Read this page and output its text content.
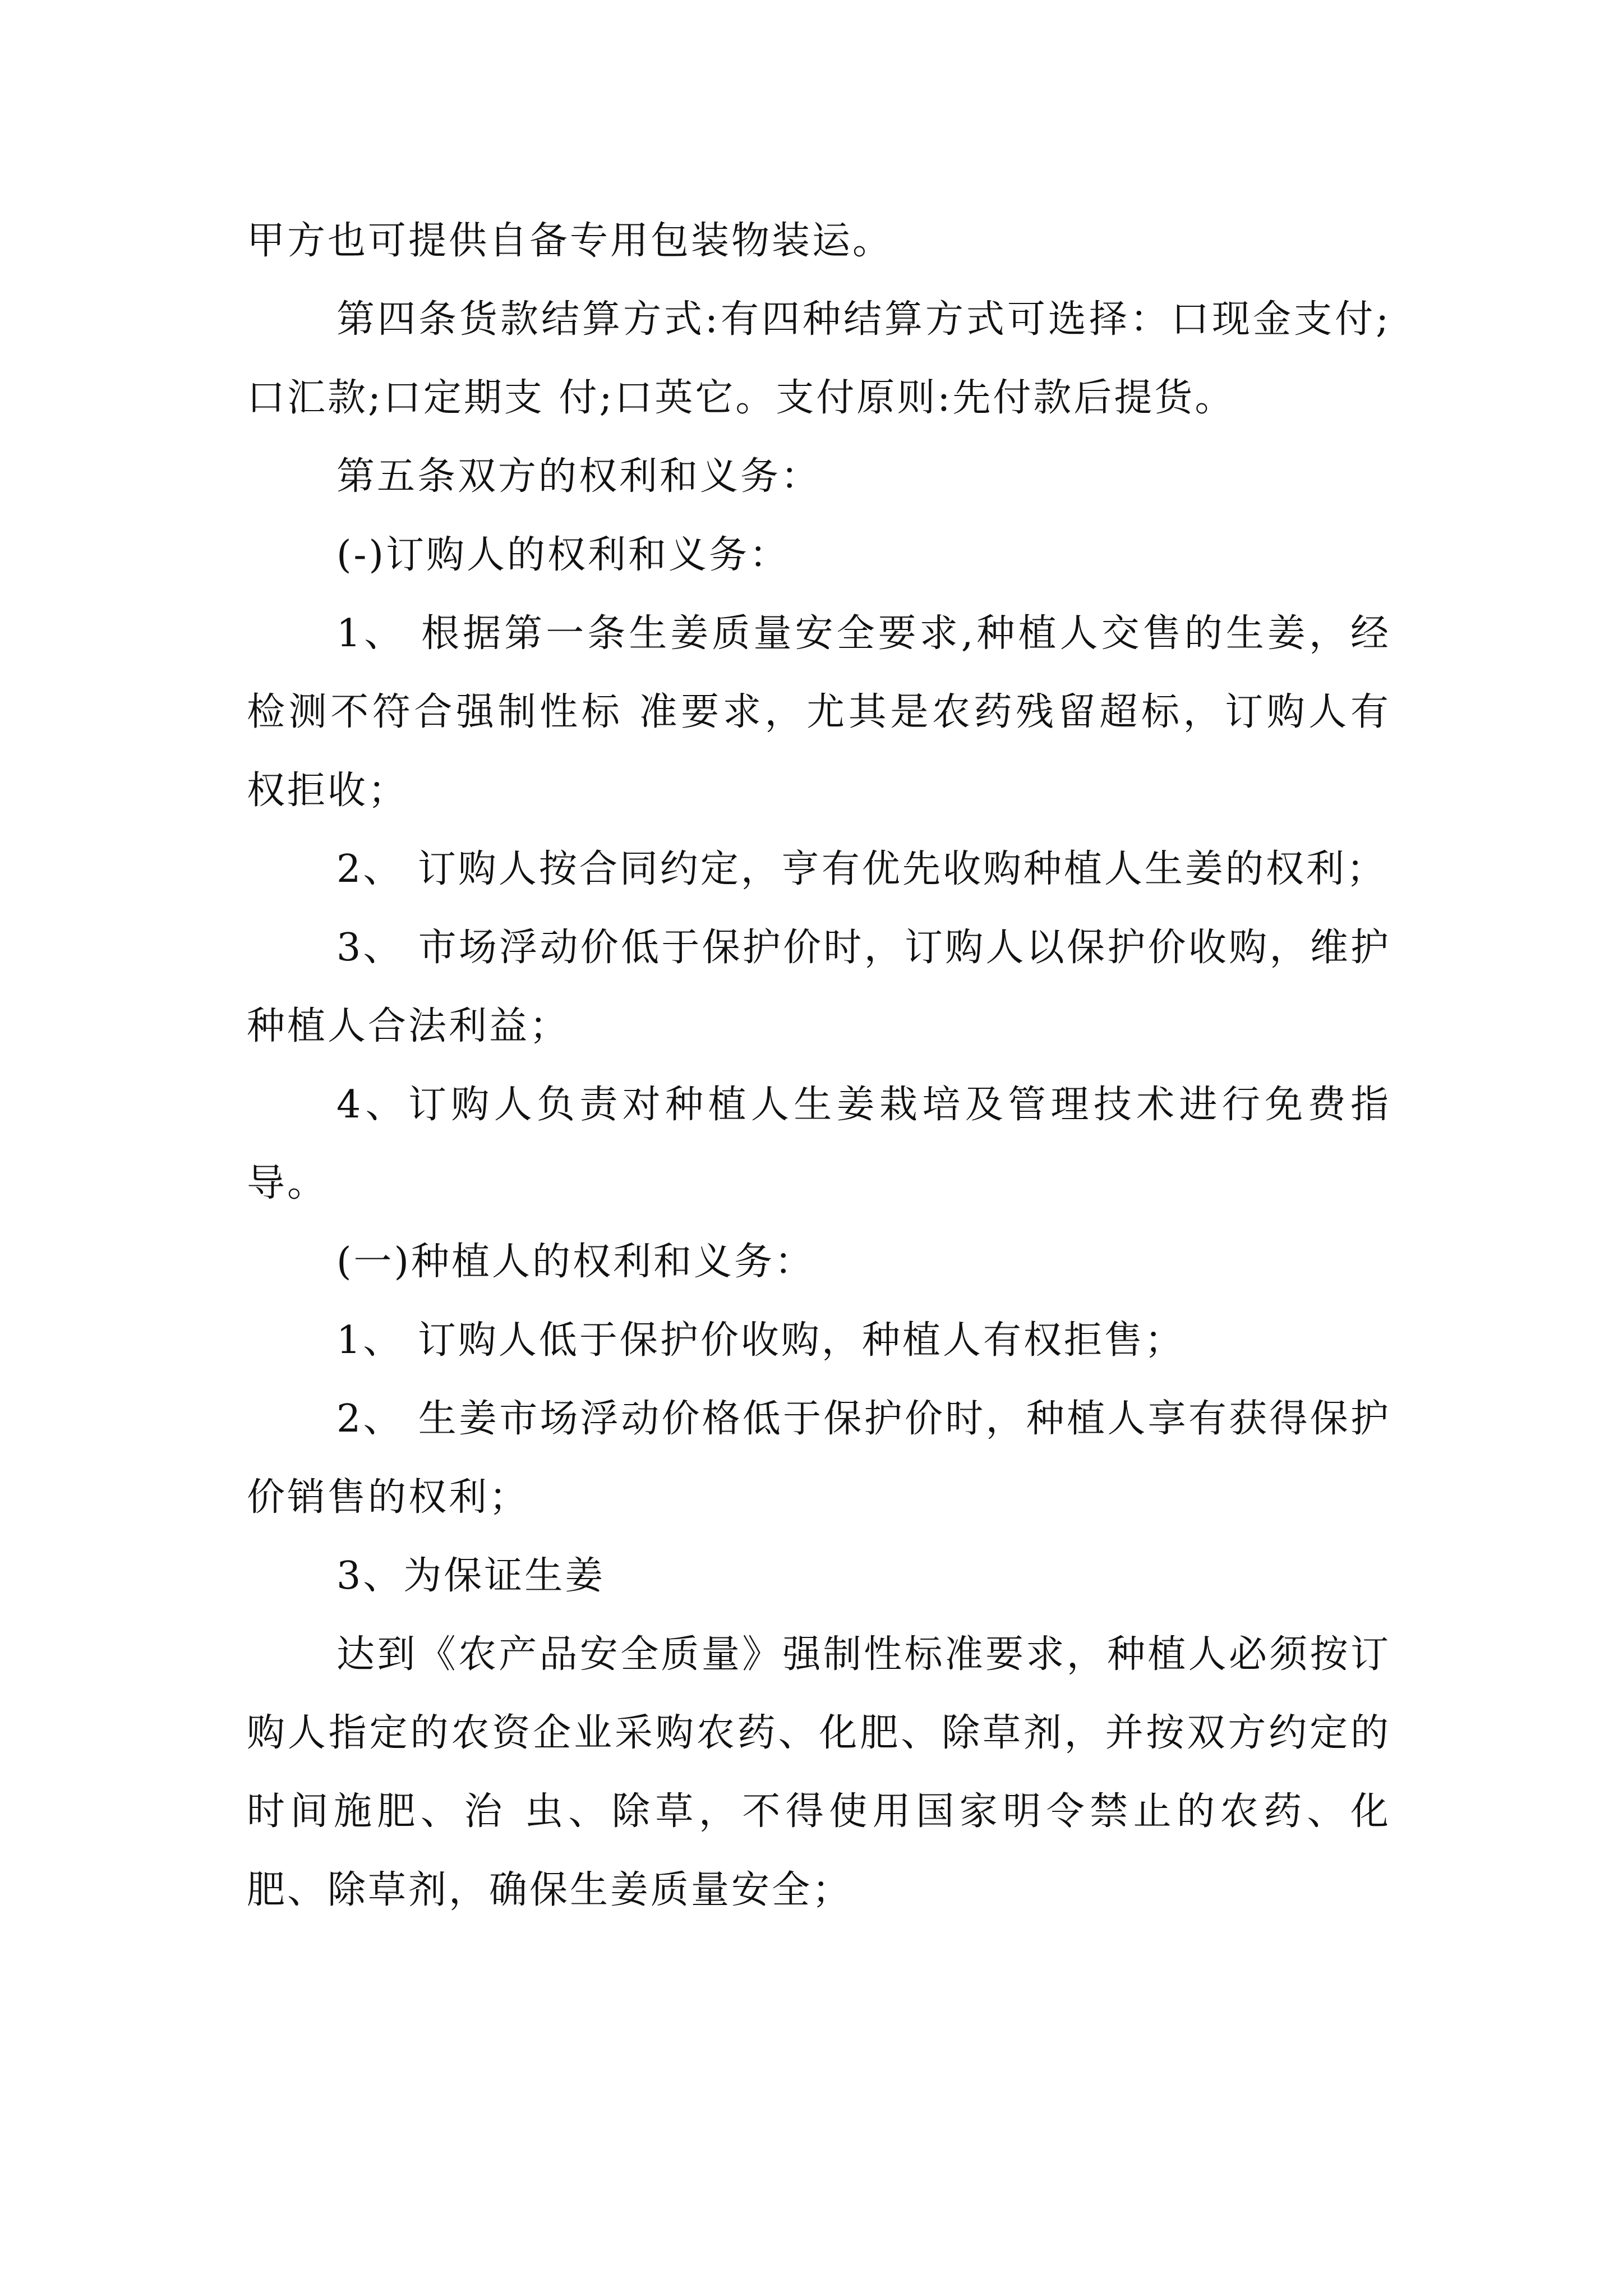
甲方也可提供自备专用包装物装运。

第四条货款结算方式:有四种结算方式可选择：口现金支付;口汇款;口定期支 付;口英它。支付原则:先付款后提货。

第五条双方的权利和义务：

(-)订购人的权利和义务：

1、 根据第一条生姜质量安全要求,种植人交售的生姜，经检测不符合强制性标 准要求，尤其是农药残留超标，订购人有权拒收；

2、 订购人按合同约定，亨有优先收购种植人生姜的权利；

3、 市场浮动价低于保护价时，订购人以保护价收购，维护种植人合法利益；

4、订购人负责对种植人生姜栽培及管理技术进行免费指导。

(一)种植人的权利和义务：

1、 订购人低于保护价收购，种植人有权拒售；

2、 生姜市场浮动价格低于保护价时，种植人享有获得保护价销售的权利；

3、为保证生姜

达到《农产品安全质量》强制性标准要求，种植人必须按订购人指定的农资企业采购农药、化肥、除草剂，并按双方约定的时间施肥、治 虫、除草，不得使用国家明令禁止的农药、化肥、除草剂，确保生姜质量安全；
